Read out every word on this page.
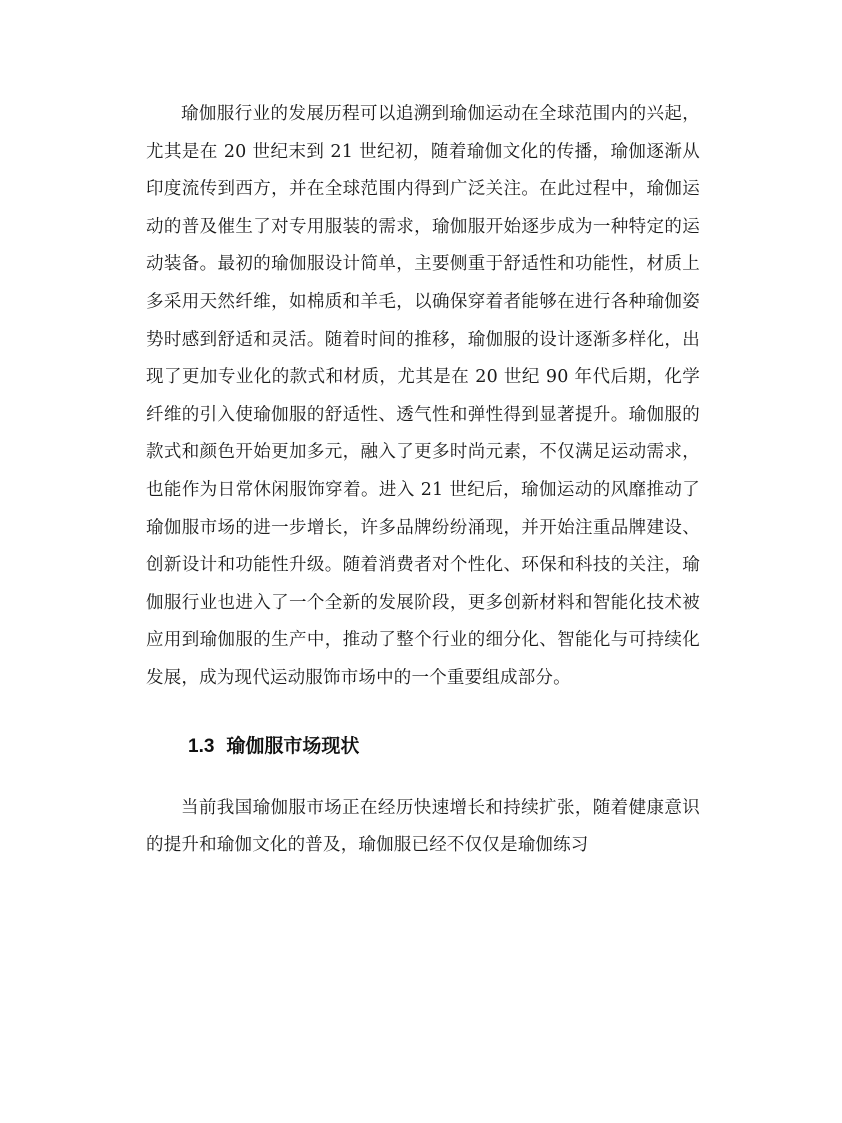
瑜伽服行业的发展历程可以追溯到瑜伽运动在全球范围内的兴起，尤其是在 20 世纪末到 21 世纪初，随着瑜伽文化的传播，瑜伽逐渐从印度流传到西方，并在全球范围内得到广泛关注。在此过程中，瑜伽运动的普及催生了对专用服装的需求，瑜伽服开始逐步成为一种特定的运动装备。最初的瑜伽服设计简单，主要侧重于舒适性和功能性，材质上多采用天然纤维，如棉质和羊毛，以确保穿着者能够在进行各种瑜伽姿势时感到舒适和灵活。随着时间的推移，瑜伽服的设计逐渐多样化，出现了更加专业化的款式和材质，尤其是在 20 世纪 90 年代后期，化学纤维的引入使瑜伽服的舒适性、透气性和弹性得到显著提升。瑜伽服的款式和颜色开始更加多元，融入了更多时尚元素，不仅满足运动需求，也能作为日常休闲服饰穿着。进入 21 世纪后，瑜伽运动的风靡推动了瑜伽服市场的进一步增长，许多品牌纷纷涌现，并开始注重品牌建设、创新设计和功能性升级。随着消费者对个性化、环保和科技的关注，瑜伽服行业也进入了一个全新的发展阶段，更多创新材料和智能化技术被应用到瑜伽服的生产中，推动了整个行业的细分化、智能化与可持续化发展，成为现代运动服饰市场中的一个重要组成部分。

1.3 瑜伽服市场现状

当前我国瑜伽服市场正在经历快速增长和持续扩张，随着健康意识的提升和瑜伽文化的普及，瑜伽服已经不仅仅是瑜伽练习
